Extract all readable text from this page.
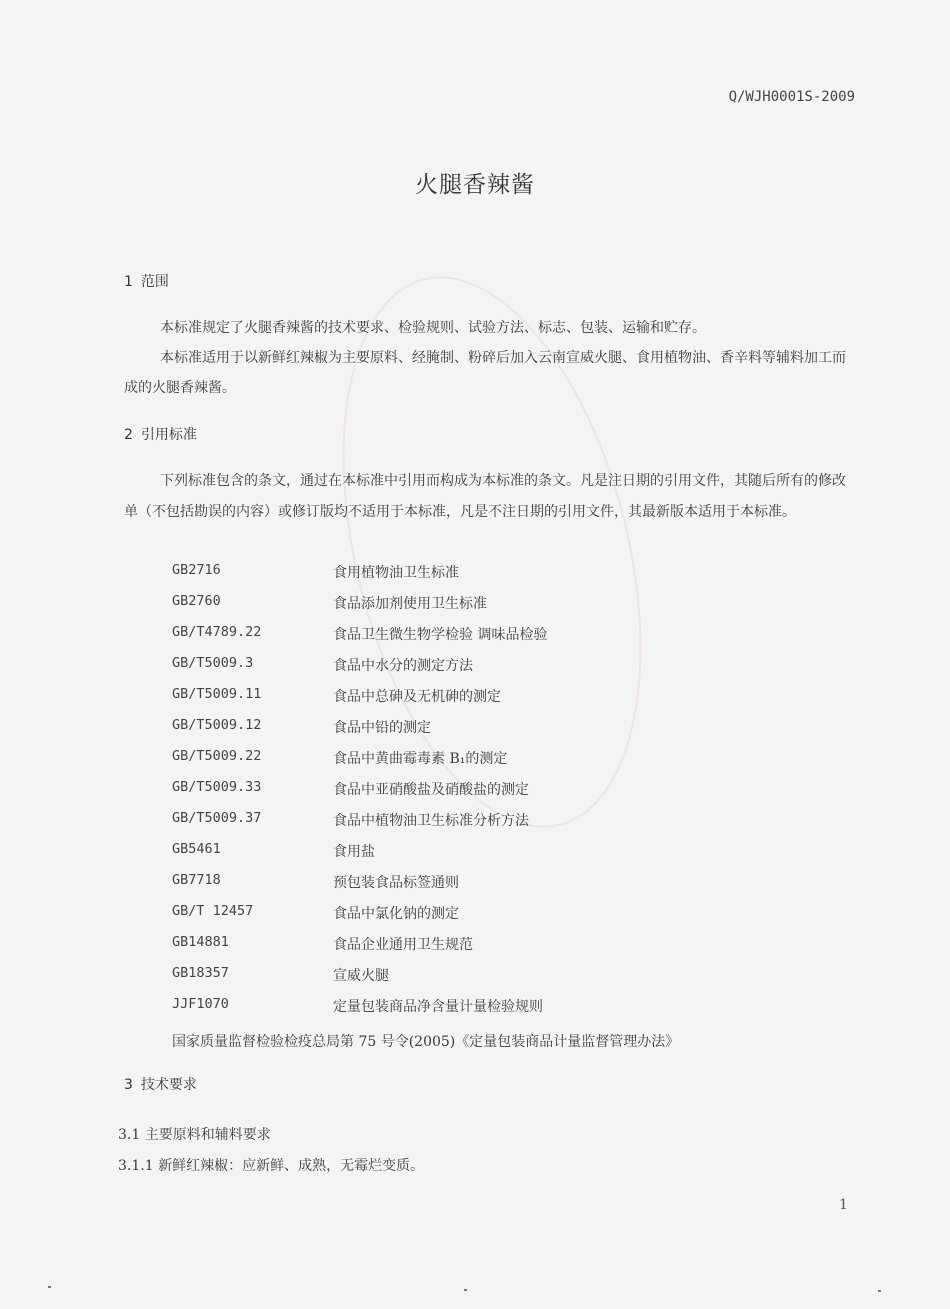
Q/WJH0001S-2009
火腿香辣酱
1 范围
本标准规定了火腿香辣酱的技术要求、检验规则、试验方法、标志、包装、运输和贮存。
本标准适用于以新鲜红辣椒为主要原料、经腌制、粉碎后加入云南宣威火腿、食用植物油、香辛料等辅料加工而成的火腿香辣酱。
2 引用标准
下列标准包含的条文，通过在本标准中引用而构成为本标准的条文。凡是注日期的引用文件，其随后所有的修改单（不包括勘误的内容）或修订版均不适用于本标准，凡是不注日期的引用文件，其最新版本适用于本标准。
GB2716	食用植物油卫生标准
GB2760	食品添加剂使用卫生标准
GB/T4789.22	食品卫生微生物学检验 调味品检验
GB/T5009.3	食品中水分的测定方法
GB/T5009.11	食品中总砷及无机砷的测定
GB/T5009.12	食品中铅的测定
GB/T5009.22	食品中黄曲霉毒素 B₁的测定
GB/T5009.33	食品中亚硝酸盐及硝酸盐的测定
GB/T5009.37	食品中植物油卫生标准分析方法
GB5461	食用盐
GB7718	预包装食品标签通则
GB/T 12457	食品中氯化钠的测定
GB14881	食品企业通用卫生规范
GB18357	宣威火腿
JJF1070	定量包装商品净含量计量检验规则
国家质量监督检验检疫总局第 75 号令(2005)《定量包装商品计量监督管理办法》
3 技术要求
3.1 主要原料和辅料要求
3.1.1 新鲜红辣椒：应新鲜、成熟，无霉烂变质。
1
